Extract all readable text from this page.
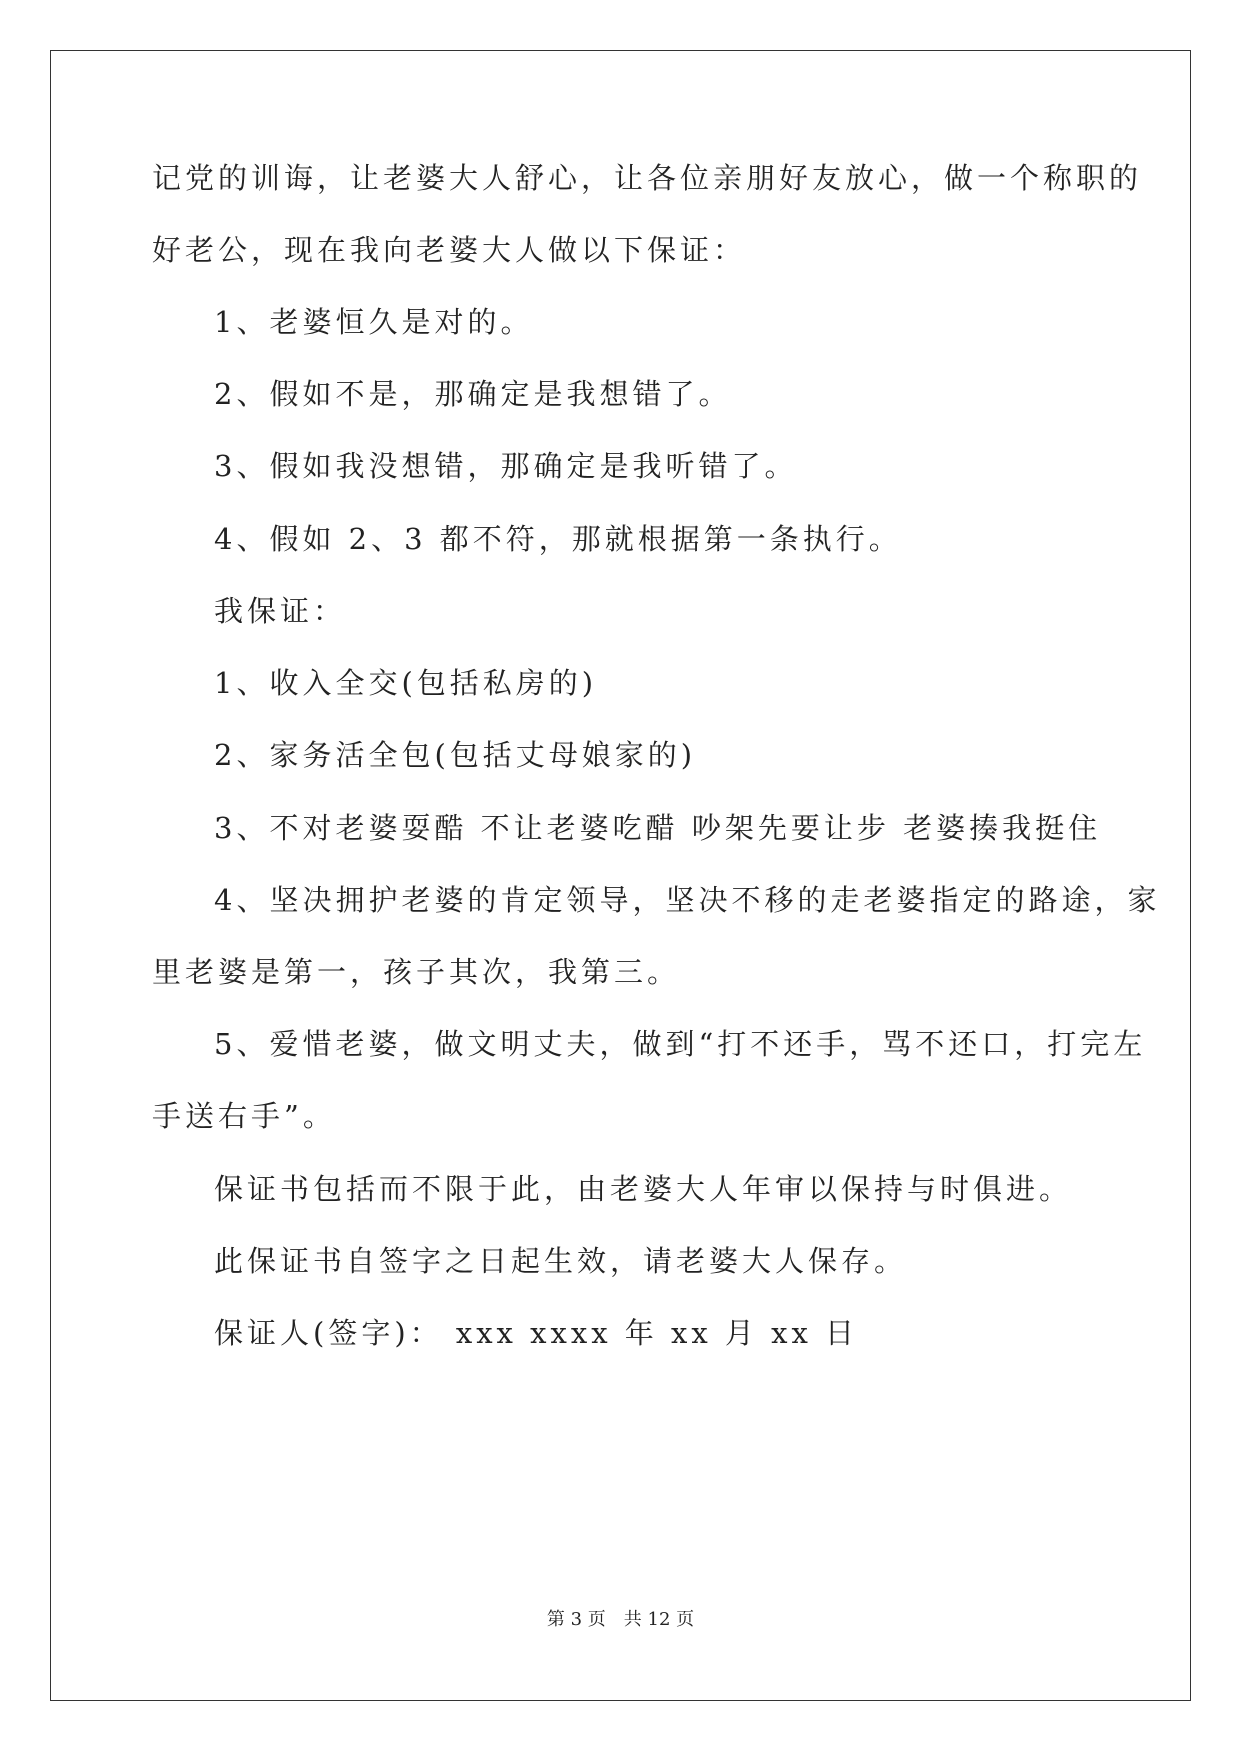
记党的训诲，让老婆大人舒心，让各位亲朋好友放心，做一个称职的

好老公，现在我向老婆大人做以下保证：

1、老婆恒久是对的。

2、假如不是，那确定是我想错了。

3、假如我没想错，那确定是我听错了。

4、假如 2、3 都不符，那就根据第一条执行。

我保证：

1、收入全交(包括私房的)

2、家务活全包(包括丈母娘家的)

3、不对老婆耍酷 不让老婆吃醋 吵架先要让步 老婆揍我挺住

4、坚决拥护老婆的肯定领导，坚决不移的走老婆指定的路途，家

里老婆是第一，孩子其次，我第三。

5、爱惜老婆，做文明丈夫，做到“打不还手，骂不还口，打完左

手送右手”。

保证书包括而不限于此，由老婆大人年审以保持与时俱进。

此保证书自签字之日起生效，请老婆大人保存。

保证人(签字)： xxx xxxx 年 xx 月 xx 日

第 3 页　共 12 页
